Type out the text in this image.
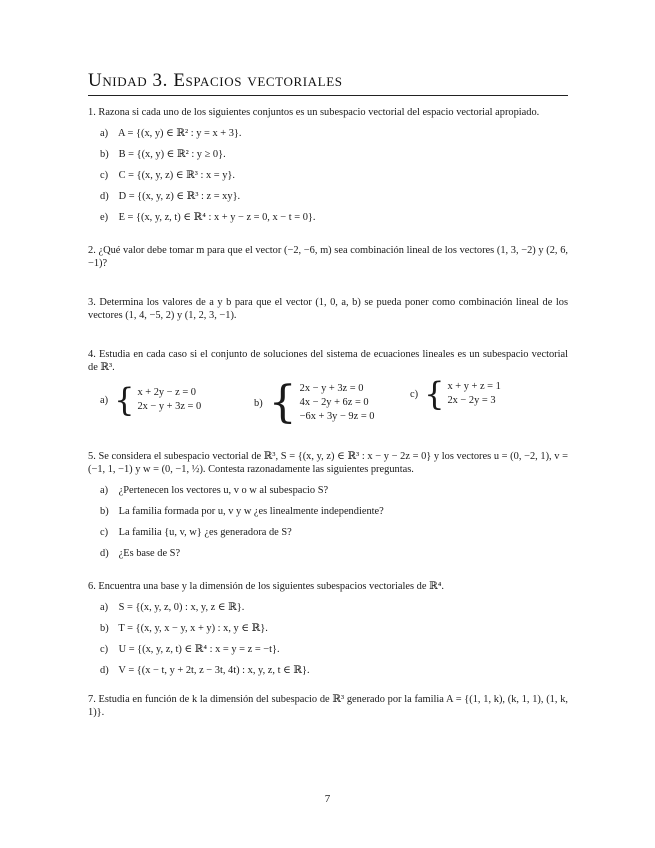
Unidad 3. Espacios vectoriales

1. Razona si cada uno de los siguientes conjuntos es un subespacio vectorial del espacio vectorial apropiado.

a) A = {(x, y) ∈ ℝ² : y = x + 3}.
b) B = {(x, y) ∈ ℝ² : y ≥ 0}.
c) C = {(x, y, z) ∈ ℝ³ : x = y}.
d) D = {(x, y, z) ∈ ℝ³ : z = xy}.
e) E = {(x, y, z, t) ∈ ℝ⁴ : x + y − z = 0, x − t = 0}.

2. ¿Qué valor debe tomar m para que el vector (−2, −6, m) sea combinación lineal de los vectores (1, 3, −2) y (2, 6, −1)?

3. Determina los valores de a y b para que el vector (1, 0, a, b) se pueda poner como combinación lineal de los vectores (1, 4, −5, 2) y (1, 2, 3, −1).

4. Estudia en cada caso si el conjunto de soluciones del sistema de ecuaciones lineales es un subespacio vectorial de ℝ³.

a) { x + 2y − z = 0
2x − y + 3z = 0	b) { 2x − y + 3z = 0
4x − 2y + 6z = 0
−6x + 3y − 9z = 0
c) { x + y + z = 1
2x − 2y = 3

5. Se considera el subespacio vectorial de ℝ³, S = {(x, y, z) ∈ ℝ³ : x − y − 2z = 0} y los vectores u = (0, −2, 1), v = (−1, 1, −1) y w = (0, −1, ½). Contesta razonadamente las siguientes preguntas.

a) ¿Pertenecen los vectores u, v o w al subespacio S?
b) La familia formada por u, v y w ¿es linealmente independiente?
c) La familia {u, v, w} ¿es generadora de S?
d) ¿Es base de S?

6. Encuentra una base y la dimensión de los siguientes subespacios vectoriales de ℝ⁴.

a) S = {(x, y, z, 0) : x, y, z ∈ ℝ}.
b) T = {(x, y, x − y, x + y) : x, y ∈ ℝ}.
c) U = {(x, y, z, t) ∈ ℝ⁴ : x = y = z = −t}.
d) V = {(x − t, y + 2t, z − 3t, 4t) : x, y, z, t ∈ ℝ}.

7. Estudia en función de k la dimensión del subespacio de ℝ³ generado por la familia A = {(1, 1, k), (k, 1, 1), (1, k, 1)}.

7
